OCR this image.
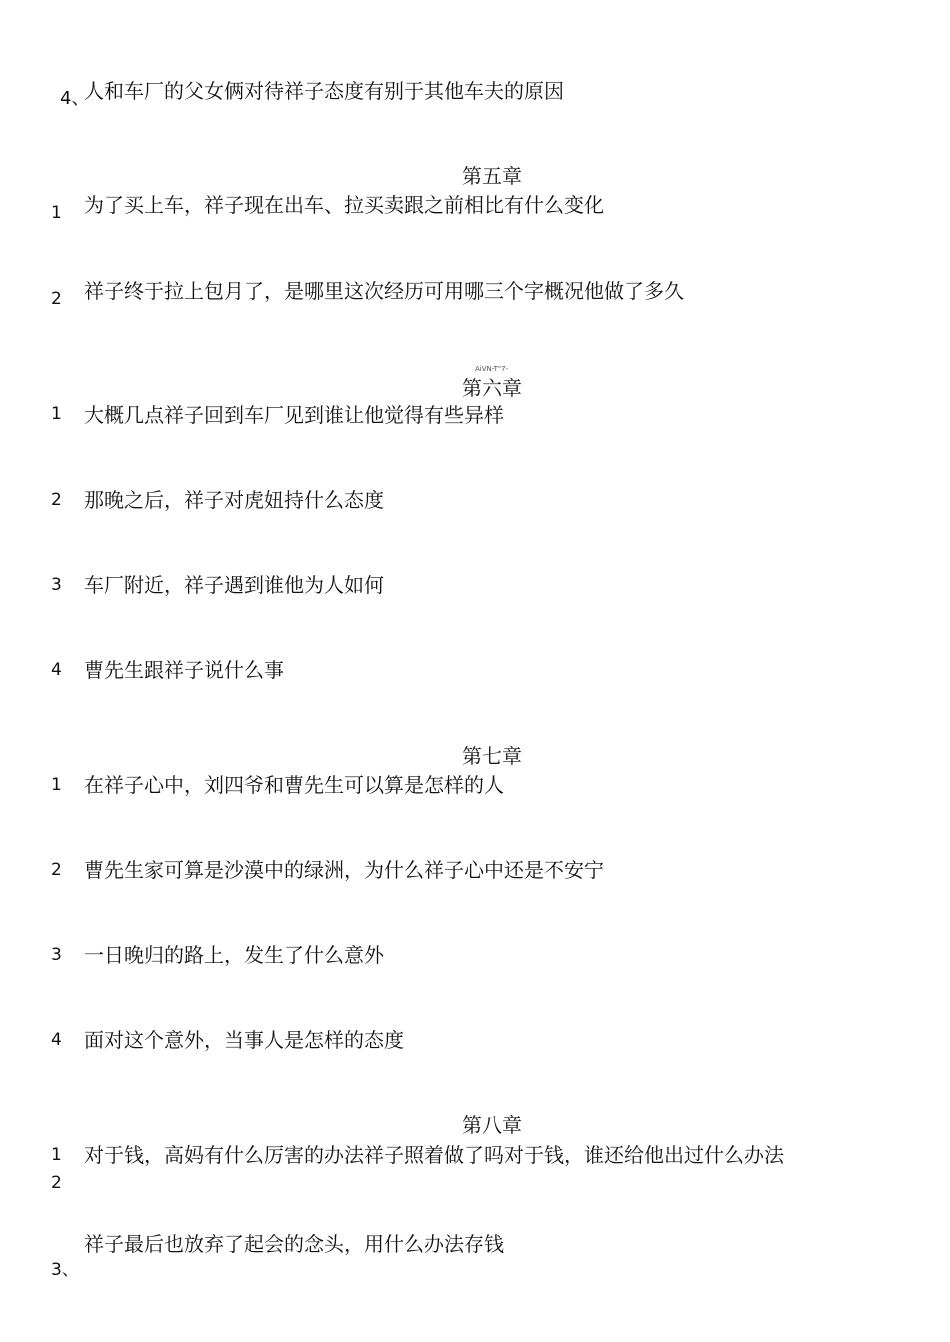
4、
人和车厂的父女俩对待祥子态度有别于其他车夫的原因
第五章
1 为了买上车，祥子现在出车、拉买卖跟之前相比有什么变化
2 祥子终于拉上包月了，是哪里这次经历可用哪三个字概况他做了多久
AiVN-T"7-
第六章
1 大概几点祥子回到车厂见到谁让他觉得有些异样
2 那晚之后，祥子对虎妞持什么态度
3 车厂附近，祥子遇到谁他为人如何
4 曹先生跟祥子说什么事
第七章
1 在祥子心中，刘四爷和曹先生可以算是怎样的人
2 曹先生家可算是沙漠中的绿洲，为什么祥子心中还是不安宁
3 一日晚归的路上，发生了什么意外
4 面对这个意外，当事人是怎样的态度
第八章
1 对于钱，高妈有什么厉害的办法祥子照着做了吗对于钱，谁还给他出过什么办法
2
祥子最后也放弃了起会的念头，用什么办法存钱
3、
